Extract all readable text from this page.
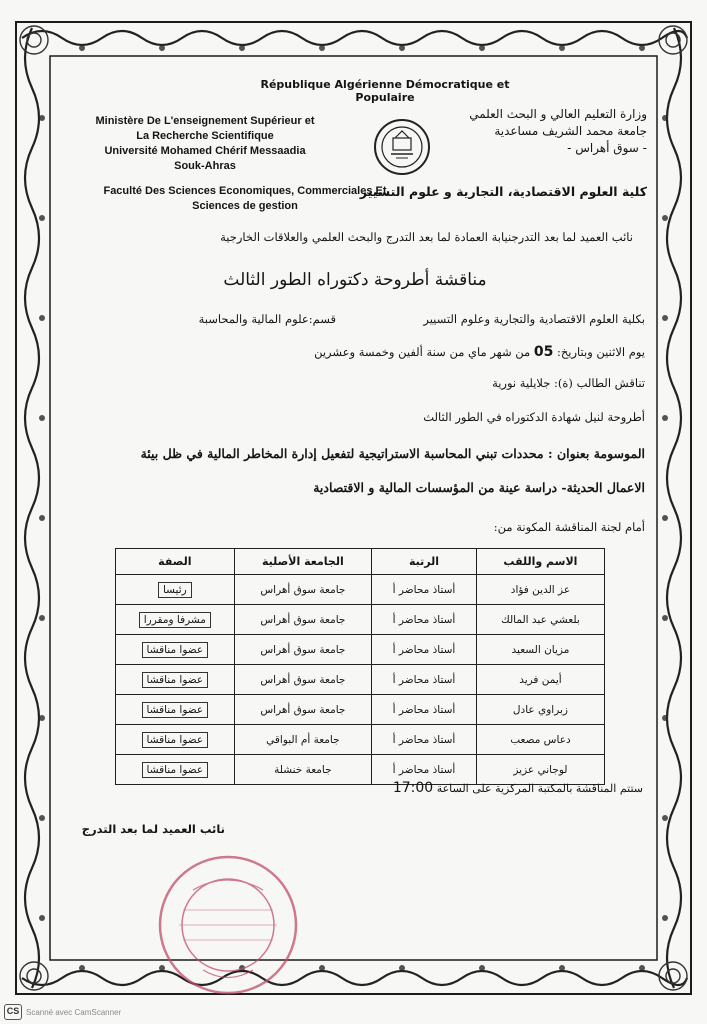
République Algérienne Démocratique et Populaire
Ministère De L'enseignement Supérieur et
La Recherche Scientifique
Université Mohamed Chérif Messaadia
Souk-Ahras
Faculté Des Sciences Economiques, Commerciales Et
Sciences de gestion
وزارة التعليم العالي و البحث العلمي
جامعة محمد الشريف مساعدية
- سوق أهراس -
كلية العلوم الاقتصادية، التجارية و علوم التسيير
نائب العميد لما بعد التدرجنيابة العمادة لما بعد التدرج والبحث العلمي والعلاقات الخارجية
مناقشة أطروحة دكتوراه الطور الثالث
بكلية العلوم الاقتصادية والتجارية وعلوم التسيير  قسم:علوم المالية والمحاسبة
يوم الاثنين وبتاريخ: 05 من شهر ماي من سنة ألفين وخمسة وعشرين
تناقش الطالب (ة): جلايلية نورية
أطروحة لنيل شهادة الدكتوراه في الطور الثالث
الموسومة بعنوان : محددات تبني المحاسبة الاستراتيجية لتفعيل إدارة المخاطر المالية في ظل بيئة
الاعمال الحديثة- دراسة عينة من المؤسسات المالية و الاقتصادية
أمام لجنة المناقشة المكونة من:
الاسم واللقب	الرتبة	الجامعة الأصلية	الصفة
عز الدين فؤاد	أستاذ محاضر أ	جامعة سوق أهراس	رئيسا
بلعشي عبد المالك	أستاذ محاضر أ	جامعة سوق أهراس	مشرفا ومقررا
مزيان السعيد	أستاذ محاضر أ	جامعة سوق أهراس	عضوا مناقشا
أيمن فريد	أستاذ محاضر أ	جامعة سوق أهراس	عضوا مناقشا
زبراوي عادل	أستاذ محاضر أ	جامعة سوق أهراس	عضوا مناقشا
دعاس مصعب	أستاذ محاضر أ	جامعة أم البواقي	عضوا مناقشا
لوجاني عزيز	أستاذ محاضر أ	جامعة خنشلة	عضوا مناقشا
ستتم المناقشة بالمكتبة المركزية على الساعة 17:00
نائب العميد لما بعد التدرج
CS Scanné avec CamScanner
